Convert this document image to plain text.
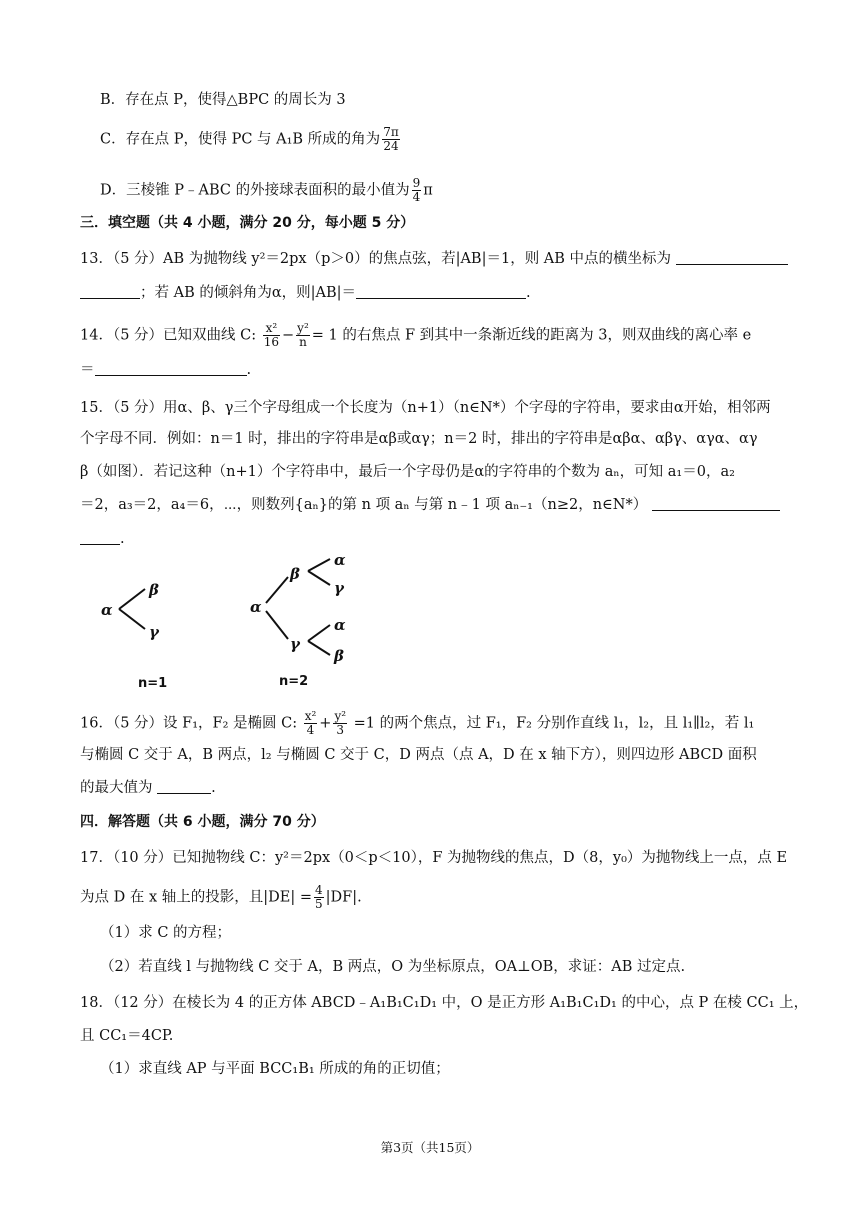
B．存在点 P，使得△BPC 的周长为 3
C．存在点 P，使得 PC 与 A₁B 所成的角为 $\frac{7\pi}{24}$
D．三棱锥 P﹣ABC 的外接球表面积的最小值为 $\frac{9}{4}$ π
三．填空题（共 4 小题，满分 20 分，每小题 5 分）
13．（5 分）AB 为抛物线 y²＝2px（p＞0）的焦点弦，若|AB|＝1，则 AB 中点的横坐标为
；若 AB 的倾斜角为α，则|AB|＝	.
14．（5 分）已知双曲线 C: $\frac{\text{x²}}{16} - \frac{\text{y²}}{n} = 1$ 的右焦点 F 到其中一条渐近线的距离为 3，则双曲线的离心率 e
＝	.
15．（5 分）用α、β、γ三个字母组成一个长度为（n+1）（n∈N*）个字母的字符串，要求由α开始，相邻两
个字母不同．例如：n＝1 时，排出的字符串是αβ或αγ；n＝2 时，排出的字符串是αβα、αβγ、αγα、αγ
β（如图）．若记这种（n+1）个字符串中，最后一个字母仍是α的字符串的个数为 aₙ，可知 a₁＝0，a₂
＝2，a₃＝2，a₄＝6，⋯，则数列{aₙ}的第 n 项 aₙ 与第 n﹣1 项 aₙ₋₁（n≥2，n∈N*）
.
α
β
γ
n=1
α
β
γ
α
γ
α
β
n=2
16．（5 分）设 F₁，F₂ 是椭圆 C: $\frac{\text{x²}}{4} + \frac{\text{y²}}{3} =1$ 的两个焦点，过 F₁，F₂ 分别作直线 l₁，l₂，且 l₁∥l₂，若 l₁
与椭圆 C 交于 A，B 两点，l₂ 与椭圆 C 交于 C，D 两点（点 A，D 在 x 轴下方），则四边形 ABCD 面积
的最大值为	.
四．解答题（共 6 小题，满分 70 分）
17．（10 分）已知抛物线 C：y²＝2px（0＜p＜10），F 为抛物线的焦点，D（8，y₀）为抛物线上一点，点 E
为点 D 在 x 轴上的投影，且$|DE| = \frac{4}{5} |DF|$.
（1）求 C 的方程；
（2）若直线 l 与抛物线 C 交于 A，B 两点，O 为坐标原点，OA⊥OB，求证：AB 过定点.
18．（12 分）在棱长为 4 的正方体 ABCD﹣A₁B₁C₁D₁ 中，O 是正方形 A₁B₁C₁D₁ 的中心，点 P 在棱 CC₁ 上，
且 CC₁＝4CP.
（1）求直线 AP 与平面 BCC₁B₁ 所成的角的正切值；
第3页（共15页）
